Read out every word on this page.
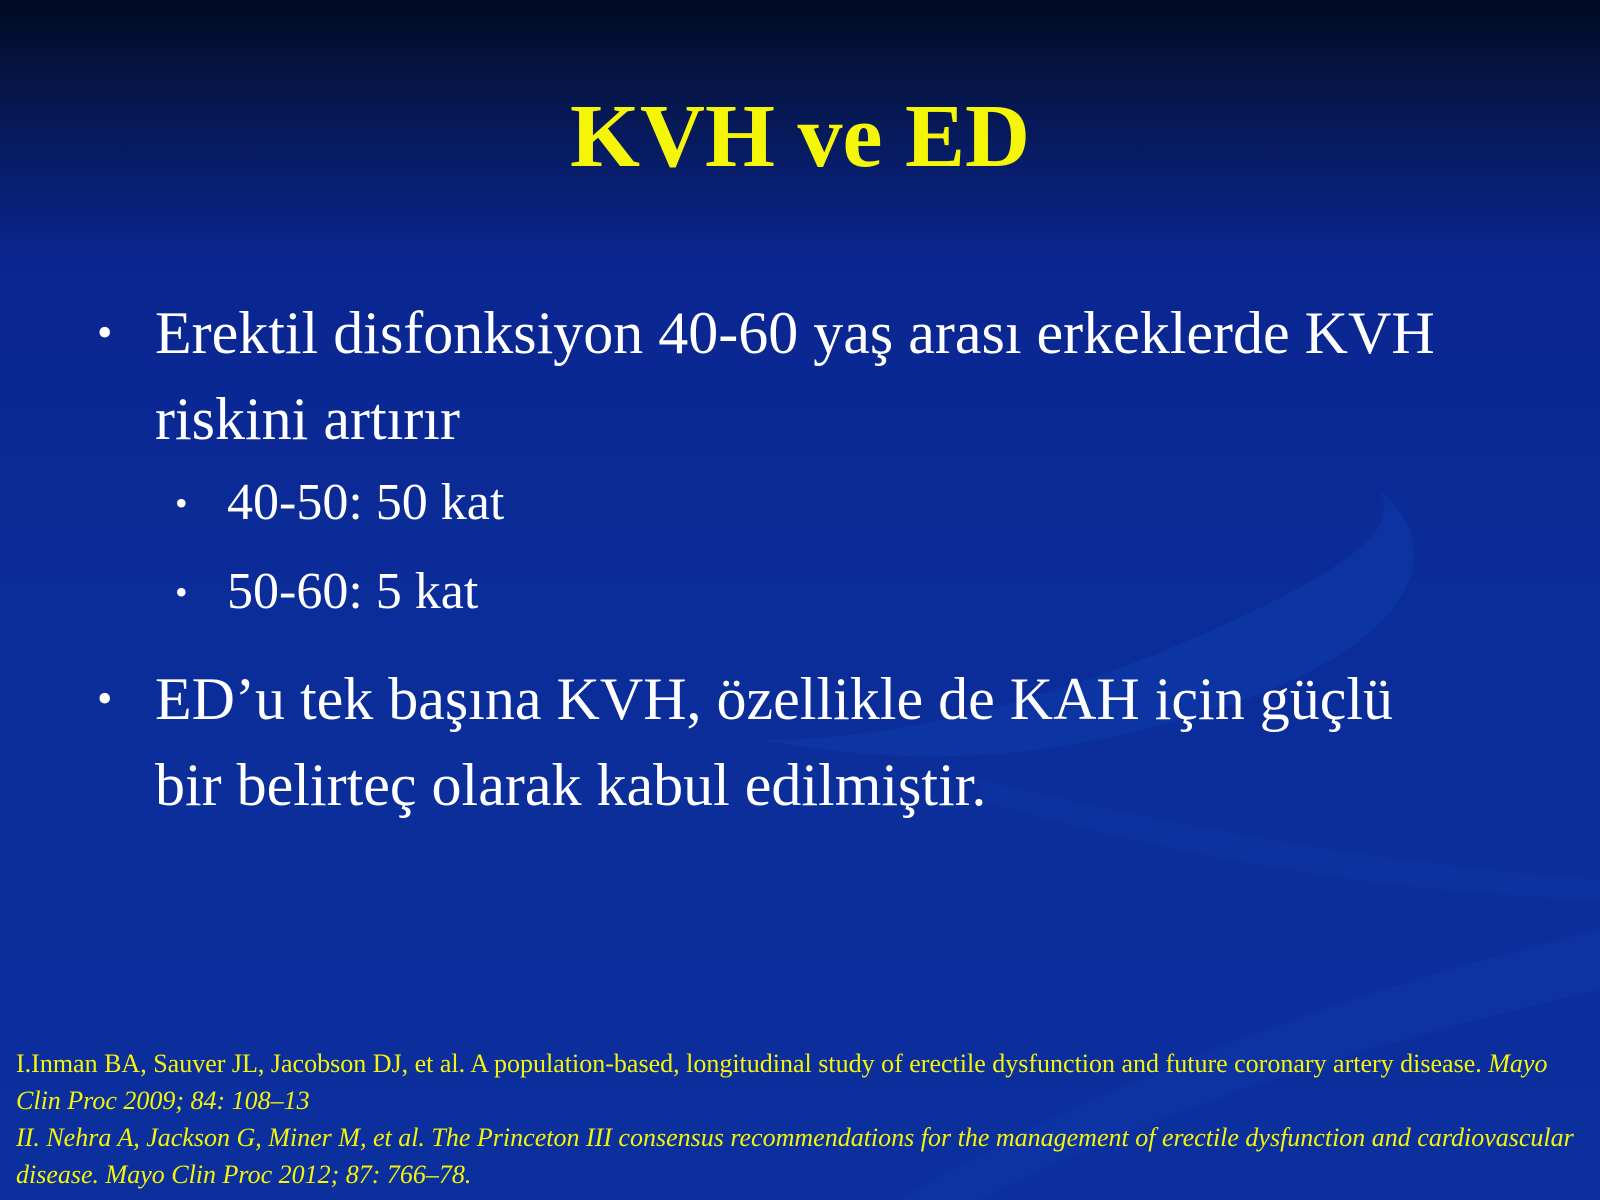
KVH ve ED
• Erektil disfonksiyon 40-60 yaş arası erkeklerde KVH riskini artırır
• 40-50: 50 kat
• 50-60: 5 kat
• ED’u tek başına KVH, özellikle de KAH için güçlü bir belirteç olarak kabul edilmiştir.
I.Inman BA, Sauver JL, Jacobson DJ, et al. A population-based, longitudinal study of erectile dysfunction and future coronary artery disease. Mayo Clin Proc 2009; 84: 108–13
II. Nehra A, Jackson G, Miner M, et al. The Princeton III consensus recommendations for the management of erectile dysfunction and cardiovascular disease. Mayo Clin Proc 2012; 87: 766–78.
